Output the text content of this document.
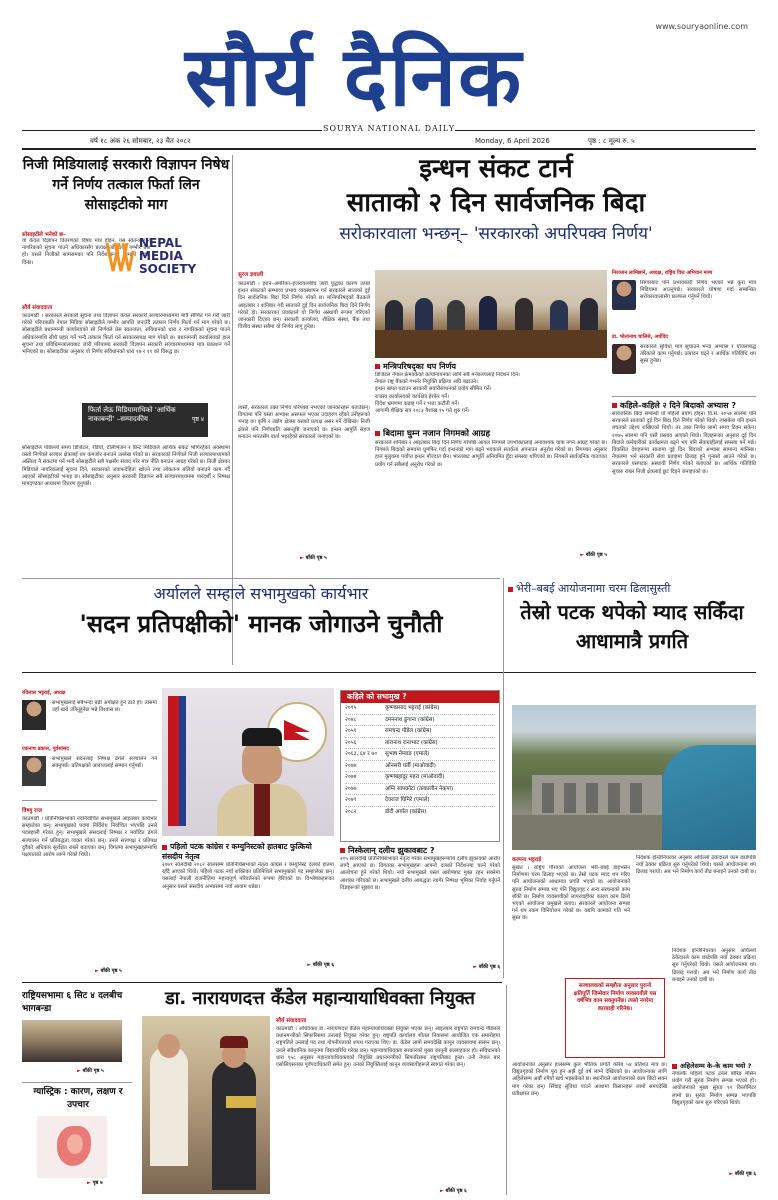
www.souryaonline.com
सौर्य दैनिक
SOURYA NATIONAL DAILY
वर्ष १८ अंक २६ सोमबार, २३ चैत २०८२	Monday, 6 April 2026	पृष्ठ : ८ मूल्य रु. ५
निजी मिडियालाई सरकारी विज्ञापन निषेध गर्ने निर्णय तत्काल फिर्ता लिन सोसाइटीको माग
सोसाइटीले भनेको छ–
यो केवल विज्ञापन वितरणको विषय मात्र होइन, यस स्वतन्त्रता र नागरिकको सूचना पाउने अधिकारसँग प्रत्यक्ष जोडिएको गम्भीर प्रश्न हो। यसले निजीको सामसमका पनि निर्देशहरूको सामको केवल दिन्छ।
NEPAL
MEDIA
SOCIETY
सौर्य संवाददाता
काठमाडौं । सरकारले सरकारी सूचना तथा विज्ञापन केवल सरकारी सञ्चारमाध्यममा मात्रै सीमित गर्ने गरी जारी गरेको परिपत्रप्रति नेपाल मिडिया सोसाइटीले गम्भीर आपत्ति जनाउँदै तत्काल निर्णय फिर्ता गर्न माग गरेको छ। सोसाइटीले प्रधानमन्त्री कार्यालयको सो निर्णयले प्रेस स्वतन्त्रता, सविधानको धारा र नागरिकको सूचना पाउने अधिकारमाथि सीधै प्रहार गर्ने भन्दै तत्काल फिर्ता गर्न सरकारसमक्ष माग गरेको छ। प्रधानमन्त्री कार्यालयको हाल सूचना तथा प्रविधिमन्त्रालयबाट जारी परिपत्रमा सरकारी विज्ञापन सरकारी सञ्चारमाध्यममा मात्र प्रकाशन गर्ने भनिएको छ। सोसाइटीका अनुसार यो निर्णय संविधानको धारा १७ र १९ को विरुद्ध छ।
फिर्ता लेऊ मिडियामाथिको 'आर्थिक नाकाबन्दी' –सम्पादकीय	पृष्ठ ४
सोसाइटीले पछिल्लो समय डिजिटल, रेडियो, टेलिभिजन र प्रिन्ट मिडियाले आर्थिक संकट भोगिरहेको अवस्थामा यस्तो निर्णयले सञ्चार क्षेत्रलाई थप कमजोर बनाउने उल्लेख गरेको छ। सरकारको निर्णयले निजी सञ्चारमाध्यमको अस्तित्व नै संकटमा पर्ने भन्दै सोसाइटीले सबै पक्षसँग संवाद गरेर मात्र नीति बनाउन आग्रह गरेको छ। निजी क्षेत्रका मिडियाले नागरिकलाई सूचना दिने, सरकारको जवाफदेहिता खोज्ने तथा लोकतन्त्र बलियो बनाउने काम गर्दै आएको सोसाइटीको भनाइ छ। सोसाइटीका अनुसार सरकारी विज्ञापन सबै सञ्चारमाध्यममा पारदर्शी र निष्पक्ष मापदण्डका आधारमा वितरण हुनुपर्छ।
इन्धन संकट टार्न
साताको २ दिन सार्वजनिक बिदा
सरोकारवाला भन्छन्– 'सरकारको अपरिपक्व निर्णय'
सुरज ज्ञवाली
काठमाडौं । इरान–अमेरिका–इजरायलबीच जारी युद्धका कारण उत्पन्न इन्धन संकटको सम्भाव्य प्रभाव व्यवस्थापन गर्न सरकारले साताको दुई दिन सार्वजनिक बिदा दिने निर्णय गरेको छ। मन्त्रिपरिषद्को बैठकले आइतबार र शनिबार गरी साताको दुई दिन सार्वजनिक बिदा दिने निर्णय गरेको हो। सरकारका प्रवक्ताले यो निर्णय अस्थायी रूपमा गरिएको जानकारी दिएका छन्। सरकारी कार्यालय, शैक्षिक संस्था, बैंक तथा वित्तीय संस्था सबैमा यो निर्णय लागू हुनेछ।
त्यस्तै, सरकारले उक्त निर्णय परिपक्व नभएको जानकारहरू बताउँछन्। विगतमा पनि यस्ता अभ्यास असफल भएका उदाहरण रहेको उनीहरूको भनाइ छ। कृषि र उद्योग क्षेत्रमा यसको प्रत्यक्ष असर पर्ने देखिन्छ। निजी क्षेत्रले पनि निर्णयप्रति असन्तुष्टि जनाएको छ। इन्धन आपूर्ति सहज बनाउन भारतसँग वार्ता भइरहेको सरकारले जनाएको छ।
► बाँकी पृष्ठ ५
मन्त्रिपरिषद्का थप निर्णय
डिजिटल नेपाल फ्रेमवर्कको कार्यान्वयनका लागि सबै मन्त्रालयलाई निर्देशन दिने।
नेपाल राष्ट्र बैंकको गभर्नर नियुक्ति प्रक्रिया अघि बढाउने।
इन्धन खपत घटाउन सरकारी सवारीसाधनको प्रयोग सीमित गर्ने।
राजस्व कार्यालयको कार्यक्षेत्र हेरफेर गर्ने।
विदेश भ्रमणमा कडाइ गर्ने र भत्ता कटौती गर्ने।
आगामी शैक्षिक सत्र २०८३ वैशाख १५ गते शुरु गर्ने।
बिदामा घुम्न नजान निगमको आग्रह
सरकारले शनिबार र आइतबार बिदा दिने निर्णय गरेपछि आयल निगमले उपभोक्तालाई अनावश्यक यात्रा नगर्न आग्रह गरेको छ। निगमले बिदाको समयमा घुमफिर गर्दा इन्धनको माग बढ्ने भएकाले सतर्कता अपनाउन अनुरोध गरेको छ। निगमका अनुसार हाल मुलुकमा पर्याप्त इन्धन मौज्दात छैन। भारतबाट आपूर्ति अनियमित हुँदा समस्या थपिएको छ। निगमले सार्वजनिक यातायात प्रयोग गर्न सबैलाई अनुरोध गरेको छ।
► बाँकी पृष्ठ ५
निरञ्जन लामिछाने, अध्यक्ष, राष्ट्रिय वित्त अभियान मञ्च
सिगारबाट पनि प्रभावकारी निर्णय भएको भन्ने कुरा मात्र मिडियामा आउनुपर्छ। सरकारले घोषणा गर्दा सम्बन्धित सरोकारवालासँग छलफल गर्नुपर्ने थियो।
डा. भोलानाथ चालिसे, अर्थविद
सरकारले सुविधा मात्र सुचाउने भन्दा अभ्यास र योजनाबद्ध तरिकाले काम गर्नुपर्छ। उत्पादन घट्ने र आर्थिक गतिविधि थप सुस्त हुनेछ।
कहिले–कहिले २ दिने बिदाको अभ्यास ?
सार्वजनिक बिदा सम्बन्धी यो पहिलो प्रयोग होइन। वि.सं. २०५७ सालमा पनि सरकारले साताको दुई दिन बिदा दिने निर्णय गरेको थियो। त्यसबेला पनि इन्धन बचतको उद्देश्य राखिएको थियो। तर उक्त निर्णय लामो समय टिक्न सकेन। २०७५ सालमा पनि यस्तै प्रस्ताव आएको थियो। विज्ञहरूका अनुसार दुई दिन बिदाले कर्मचारीको कार्यक्षमता बढ्ने भए पनि सेवाग्राहीलाई समस्या पर्ने गर्छ। विकसित देशहरूमा सातामा दुई दिन बिदाको अभ्यास सामान्य मानिन्छ। नेपालमा भने सरकारी सेवा प्रवाहमा ढिलाइ हुने गुनासो आउने गरेको छ। सरकारले यसपटक अस्थायी निर्णय गरेको बताएको छ। आर्थिक गतिविधि सुचारु राख्न निजी क्षेत्रलाई छुट दिइने जनाइएको छ।
अर्यालले सम्हाले सभामुखको कार्यभार
'सदन प्रतिपक्षीको' मानक जोगाउने चुनौती
रविलाल भट्टराई, अध्यक्ष
सभामुखलाई सबैभन्दा बढी अपेक्षित हुने ठाउँ हो। त्यसमा उहाँ खरो उत्रिनुहुनेछ भन्ने विश्वास छ।
एकनाथ ढकाल, पूर्वसांसद
सभामुखले सदनलाई निष्पक्ष ढंगले सञ्चालन गर्न सक्नुपर्छ। प्रतिपक्षको आवाजलाई सम्मान गर्नुपर्छ।
विष्णु राज
काठमाडौं । प्रतिनिधिसभाको नवनिर्वाचित सभामुखले आइतबार कार्यभार सम्हालेका छन्। सभामुखको पदमा निर्विरोध निर्वाचित भएपछि उनले पदबहाली गरेका हुन्। सभामुखले संसदलाई निष्पक्ष र मर्यादित ढंगले सञ्चालन गर्ने प्रतिबद्धता व्यक्त गरेका छन्। उनले सत्तापक्ष र प्रतिपक्ष दुवैको अधिकार सुरक्षित राख्ने बताएका छन्। विगतमा सभामुखहरूमाथि पक्षपातको आरोप लाग्ने गरेको थियो।
► बाँकी पृष्ठ ५
कहिले को सभामुख ?
२०१५	कृष्णप्रसाद भट्टराई (कांग्रेस)
२०४८	दमननाथ ढुंगाना (कांग्रेस)
२०५१	रामचन्द्र पौडेल (कांग्रेस)
२०५६	तारानाथ रानाभाट (कांग्रेस)
२०६३, ६४ र ७०	सुभाष नेम्वाङ (एमाले)
२०७४	ओनसरी घर्ती (माओवादी)
२०७४	कृष्णबहादुर महरा (माओवादी)
२०७७	अग्नि सापकोटा (तत्कालीन नेकपा)
२०७९	देवराज घिमिरे (एमाले)
२०८२	डोटी अर्याल (कांग्रेस)
पहिलो पटक कांग्रेस र कम्युनिस्टको हातबाट फुत्कियो संसदीय नेतृत्व
२०७९ सालदेखि २०८२ सालसम्म प्रतिनिधिसभाको नेतृत्व कांग्रेस र कम्युनिस्ट दलको हातमा रहँदै आएको थियो। पहिलो पटक नयाँ शक्तिका प्रतिनिधिले सभामुखको पद सम्हालेका छन्। यसलाई नेपाली राजनीतिमा महत्त्वपूर्ण परिवर्तनको रूपमा हेरिएको छ। विश्लेषकहरूका अनुसार यसले संसदीय अभ्यासमा नयाँ आयाम थप्नेछ।
► बाँकी पृष्ठ ६
निस्केलान् दलीय झुकावबाट ?
२०५ सालदेखि प्रतिनिधिसभाको नेतृत्व गरेका सभामुखहरूमाथि दलीय झुकावको आरोप लाग्दै आएको छ। विगतका सभामुखहरू आफ्नो दलको निर्देशनमा चल्ने गरेको आलोचना हुने गरेको थियो। नयाँ सभामुखले यस्ता आरोपबाट मुक्त रहन सक्नेमा आशंका गरिएको छ। सभामुखले दलीय आबद्धता त्यागेर निष्पक्ष भूमिका निर्वाह गर्नुपर्ने विज्ञहरूको सुझाव छ।
► बाँकी पृष्ठ ६
भेरी–बबई आयोजनामा चरम ढिलासुस्ती
तेस्रो पटक थपेको म्याद सकिँदा आधामात्रै प्रगति
कल्पना भट्टराई
सुर्खेत । राष्ट्रिय गौरवको आयोजना भेरी–बबई डाइभर्सन निर्माणमा चरम ढिलाइ भएको छ। तेस्रो पटक म्याद थप गरिए पनि आयोजनाको आधामात्र प्रगति भएको छ। आयोजनाको सुरुङ निर्माण सम्पन्न भए पनि विद्युतगृह र अन्य संरचनाको काम बाँकी छ। निर्माण व्यवसायीको लापरवाहीका कारण काम ढिलो भएको आयोजना प्रमुखले बताए। सरकारले आयोजना सम्पन्न गर्न थप रकम विनियोजन गरेको छ। यद्यपि कामको गति भने सुस्त छ।
निर्देशक इन्जिनियरका अनुसार अघिल्लो ठेकेदारले काम छाडेपछि नयाँ ठेक्का प्रक्रिया सुरु गर्नुपरेको थियो। यसले आयोजनामा थप ढिलाइ गरायो। अब भने निर्माण कार्य तीव्र बनाइने उनको दाबी छ।
सञ्चालकको सम्झौता अनुसार पुरानो क्षतिपूर्ति जिम्मेवार निर्माण व्यवसायीले यस वर्षभित्र काम सक्नुपर्नेछ। त्यसो नगरेमा कारबाही गरिनेछ।
आयोजनाका अनुसार हालसम्म कुल भौतिक प्रगति करिब ५४ प्रतिशत मात्र छ। विद्युतगृहको निर्माण पूरा हुन अझै दुई वर्ष लाग्ने देखिएको छ। आयोजनाका लागि अहिलेसम्म अर्बौं रुपैयाँ खर्च भइसकेको छ। स्थानीयले आयोजनाको काम छिटो सक्न माग गरेका छन्। सिँचाइ सुविधा पाउने आशामा किसानहरू लामो समयदेखि प्रतीक्षारत छन्।
अहिलेसम्म के–के काम भयो ?
नेपालकै पहिलो पटक टनेल बोरिङ मेसिन प्रयोग गरी सुरुङ निर्माण सम्पन्न भएको हो। आयोजनाको मुख्य सुरुङ १२ किलोमिटर लामो छ। सुरुङ निर्माण सम्पन्न भएपछि विद्युतगृहको काम सुरु गरिएको थियो।
► बाँकी पृष्ठ ६
निर्देशक इन्जिनियरका अनुसार अघिल्लो ठेकेदारले काम छाडेपछि नयाँ ठेक्का प्रक्रिया सुरु गर्नुपरेको थियो। यसले आयोजनामा थप ढिलाइ गरायो। अब भने निर्माण कार्य तीव्र बनाइने उनको दाबी छ।
राष्ट्रियसभामा ६ सिट ४ दलबीच भागबन्डा
► बाँकी पृष्ठ ५
ग्यास्ट्रिक : कारण, लक्षण र उपचार
► पृष्ठ ७
डा. नारायणदत्त कँडेल महान्यायाधिवक्ता नियुक्त
सौर्य संवाददाता
काठमाडौं । अधिवक्ता डा. नारायणदत्त कँडेल महान्यायाधिवक्ता नियुक्त भएका छन्। आइतबार राष्ट्रपति रामचन्द्र पौडेलले प्रधानमन्त्रीको सिफारिसमा उनलाई नियुक्त गरेका हुन्। राष्ट्रपति कार्यालय शीतल निवासमा आयोजित एक समारोहमा राष्ट्रपतिले उनलाई पद तथा गोपनीयताको शपथ गराएका थिए। डा. कँडेल लामो समयदेखि कानून व्यवसायमा संलग्न छन्। उनले संवैधानिक कानूनमा विद्यावारिधि गरेका छन्। महान्यायाधिवक्ता सरकारको मुख्य कानूनी सल्लाहकार हो। संविधानको धारा १५८ अनुसार महान्यायाधिवक्ताको नियुक्ति प्रधानमन्त्रीको सिफारिसमा राष्ट्रपतिबाट हुन्छ। उनी नेपाल बार एसोसिएसनका पूर्वपदाधिकारी समेत हुन्। उनको नियुक्तिलाई कानून व्यवसायीहरूले स्वागत गरेका छन्।
► बाँकी पृष्ठ ६
